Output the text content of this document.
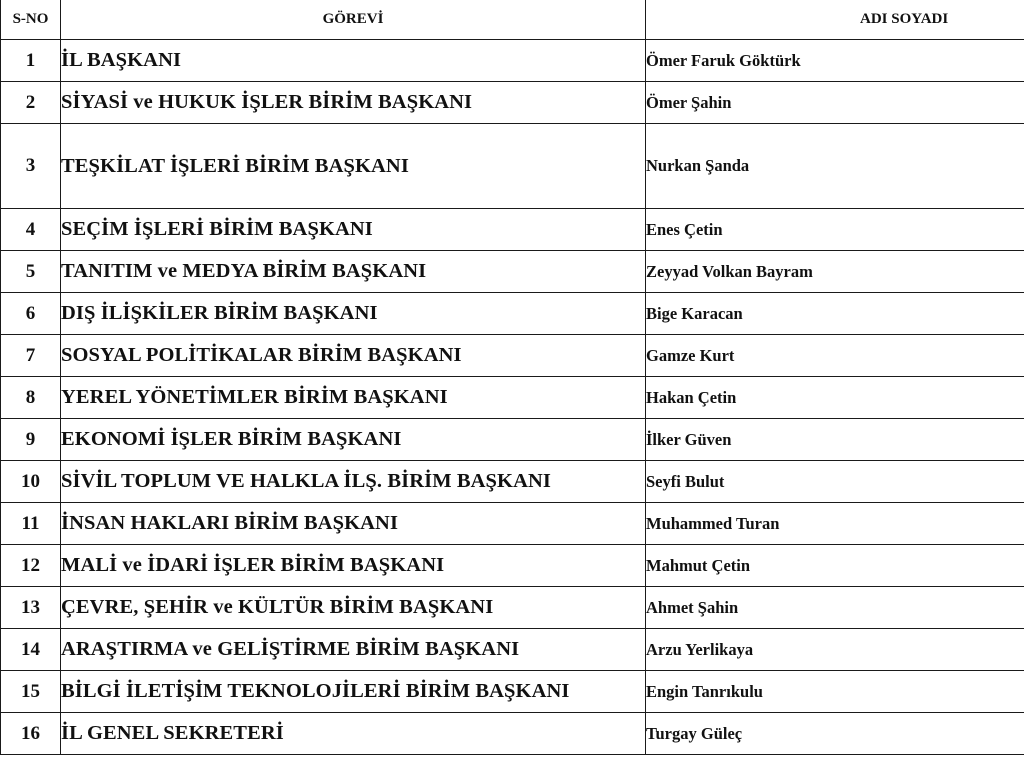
S-NO	GÖREVİ	ADI SOYADI
1	İL BAŞKANI	Ömer Faruk Göktürk
2	SİYASİ ve HUKUK İŞLER BİRİM BAŞKANI	Ömer Şahin
3	TEŞKİLAT İŞLERİ BİRİM BAŞKANI	Nurkan Şanda
4	SEÇİM İŞLERİ BİRİM BAŞKANI	Enes Çetin
5	TANITIM ve MEDYA BİRİM BAŞKANI	Zeyyad Volkan Bayram
6	DIŞ İLİŞKİLER BİRİM BAŞKANI	Bige Karacan
7	SOSYAL POLİTİKALAR BİRİM BAŞKANI	Gamze Kurt
8	YEREL YÖNETİMLER BİRİM BAŞKANI	Hakan Çetin
9	EKONOMİ İŞLER BİRİM BAŞKANI	İlker Güven
10	SİVİL TOPLUM VE HALKLA İLŞ. BİRİM BAŞKANI	Seyfi Bulut
11	İNSAN HAKLARI BİRİM BAŞKANI	Muhammed Turan
12	MALİ ve İDARİ İŞLER BİRİM BAŞKANI	Mahmut Çetin
13	ÇEVRE, ŞEHİR ve KÜLTÜR BİRİM BAŞKANI	Ahmet Şahin
14	ARAŞTIRMA ve GELİŞTİRME BİRİM BAŞKANI	Arzu Yerlikaya
15	BİLGİ İLETİŞİM TEKNOLOJİLERİ BİRİM BAŞKANI	Engin Tanrıkulu
16	İL GENEL SEKRETERİ	Turgay Güleç
